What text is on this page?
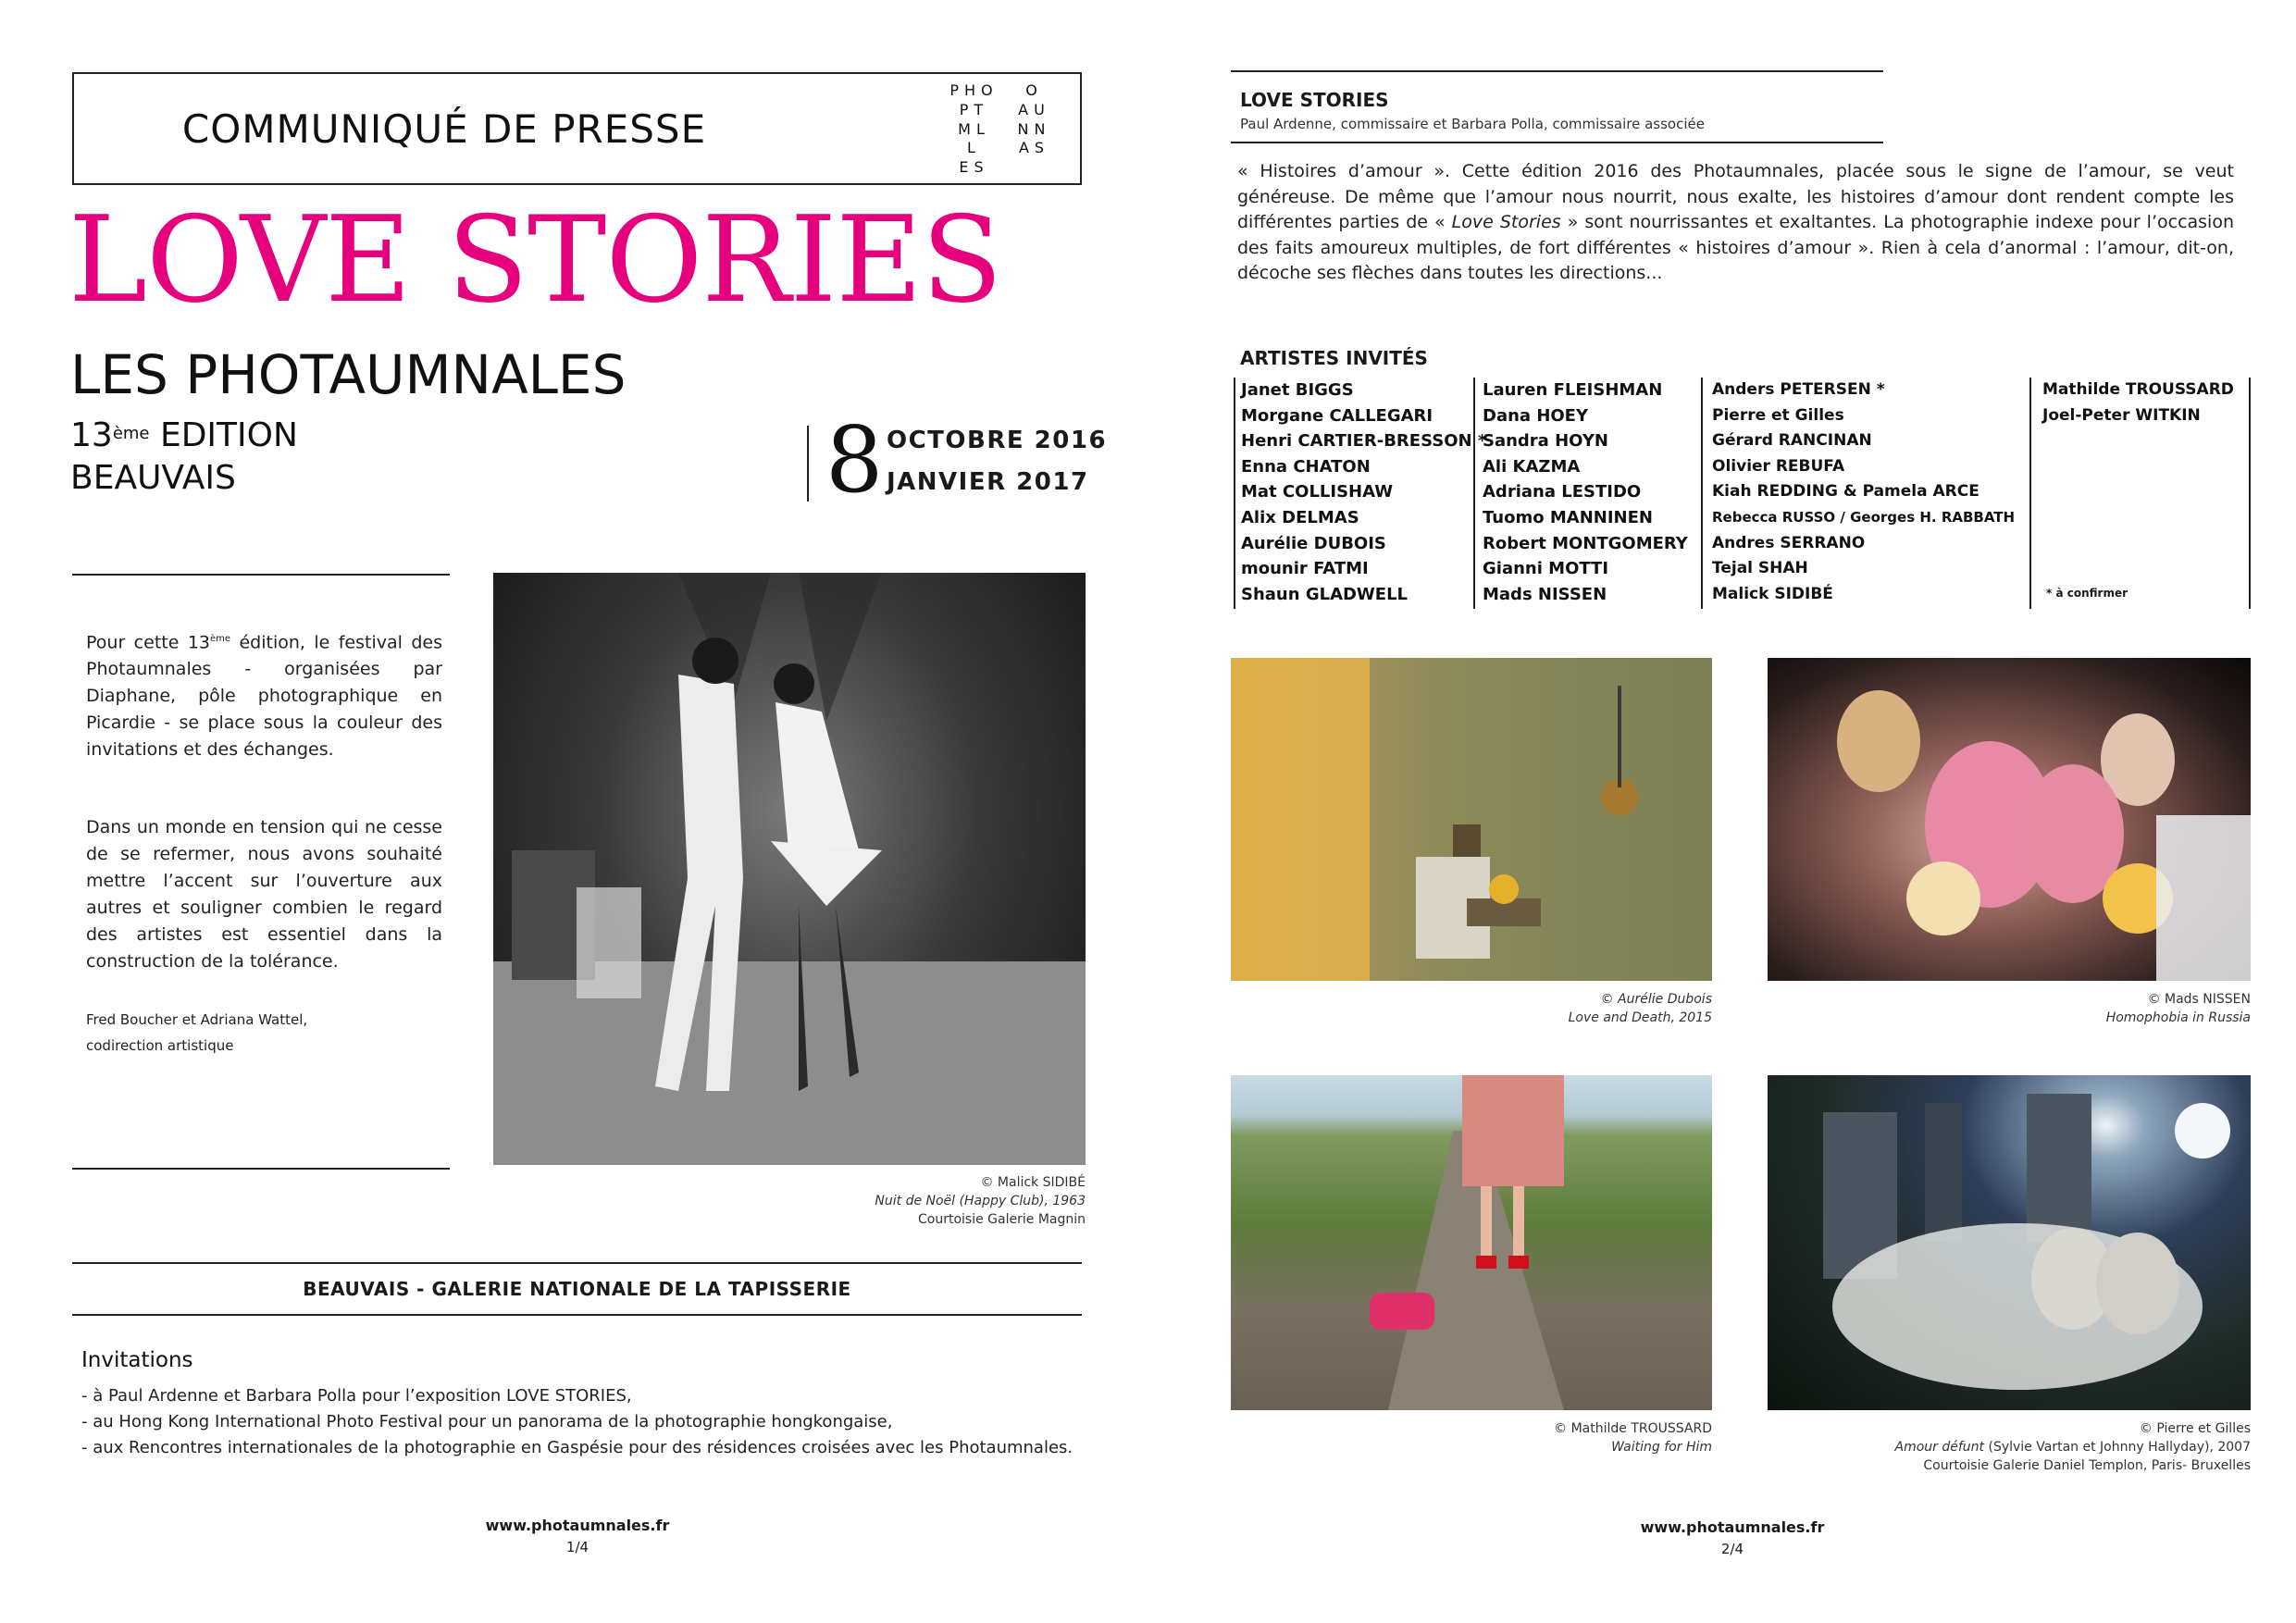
COMMUNIQUÉ DE PRESSE
PHO	O
PT	AU
ML	NN
L	AS
ES
LOVE STORIES
LES PHOTAUMNALES
13ème EDITION
BEAUVAIS	8 OCTOBRE 2016
JANVIER 2017
Pour cette 13ème édition, le festival des Photaumnales - organisées par Diaphane, pôle photographique en Picardie - se place sous la couleur des invitations et des échanges.
Dans un monde en tension qui ne cesse de se refermer, nous avons souhaité mettre l’accent sur l’ouverture aux autres et souligner combien le regard des artistes est essentiel dans la construction de la tolérance.
Fred Boucher et Adriana Wattel,
codirection artistique
© Malick SIDIBÉ
Nuit de Noël (Happy Club), 1963
Courtoisie Galerie Magnin
BEAUVAIS - GALERIE NATIONALE DE LA TAPISSERIE
Invitations
- à Paul Ardenne et Barbara Polla pour l’exposition LOVE STORIES,
- au Hong Kong International Photo Festival pour un panorama de la photographie hongkongaise,
- aux Rencontres internationales de la photographie en Gaspésie pour des résidences croisées avec les Photaumnales.
www.photaumnales.fr
1/4
LOVE STORIES
Paul Ardenne, commissaire et Barbara Polla, commissaire associée
« Histoires d’amour ». Cette édition 2016 des Photaumnales, placée sous le signe de l’amour, se veut généreuse. De même que l’amour nous nourrit, nous exalte, les histoires d’amour dont rendent compte les différentes parties de « Love Stories » sont nourrissantes et exaltantes. La photographie indexe pour l’occasion des faits amoureux multiples, de fort différentes « histoires d’amour ». Rien à cela d’anormal : l’amour, dit-on, décoche ses flèches dans toutes les directions...
ARTISTES INVITÉS
Janet BIGGS
Morgane CALLEGARI
Henri CARTIER-BRESSON *
Enna CHATON
Mat COLLISHAW
Alix DELMAS
Aurélie DUBOIS
mounir FATMI
Shaun GLADWELL
Lauren FLEISHMAN
Dana HOEY
Sandra HOYN
Ali KAZMA
Adriana LESTIDO
Tuomo MANNINEN
Robert MONTGOMERY
Gianni MOTTI
Mads NISSEN
Anders PETERSEN *
Pierre et Gilles
Gérard RANCINAN
Olivier REBUFA
Kiah REDDING & Pamela ARCE
Rebecca RUSSO / Georges H. RABBATH
Andres SERRANO
Tejal SHAH
Malick SIDIBÉ
Mathilde TROUSSARD
Joel-Peter WITKIN
* à confirmer
© Aurélie Dubois
Love and Death, 2015
© Mads NISSEN
Homophobia in Russia
© Mathilde TROUSSARD
Waiting for Him
© Pierre et Gilles
Amour défunt (Sylvie Vartan et Johnny Hallyday), 2007
Courtoisie Galerie Daniel Templon, Paris- Bruxelles
www.photaumnales.fr
2/4
